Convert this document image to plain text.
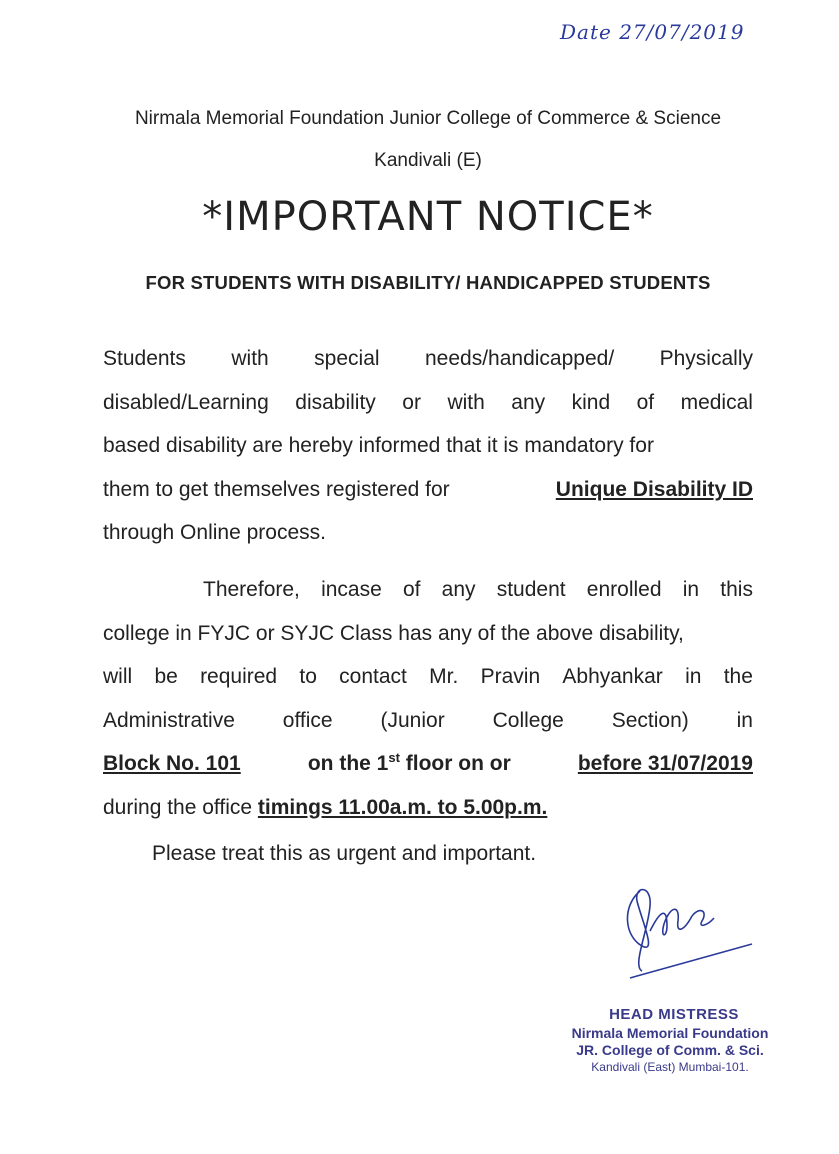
Date 27/07/2019
Nirmala Memorial Foundation Junior College of Commerce & Science
Kandivali (E)
*IMPORTANT NOTICE*
FOR STUDENTS WITH DISABILITY/ HANDICAPPED STUDENTS
Students with special needs/handicapped/ Physically
disabled/Learning disability or with any kind of medical
based disability are hereby informed that it is mandatory for
them to get themselves registered for	Unique Disability ID
through Online process.
Therefore, incase of any student enrolled in this
college in FYJC or SYJC Class has any of the above disability,
will be required to contact Mr. Pravin Abhyankar in the
Administrative office (Junior College Section) in
Block No. 101	on the 1st floor on or	before 31/07/2019
during the office
timings 11.00a.m. to 5.00p.m.
Please treat this as urgent and important.
HEAD MISTRESS
Nirmala Memorial Foundation
JR. College of Comm. & Sci.
Kandivali (East) Mumbai-101.
